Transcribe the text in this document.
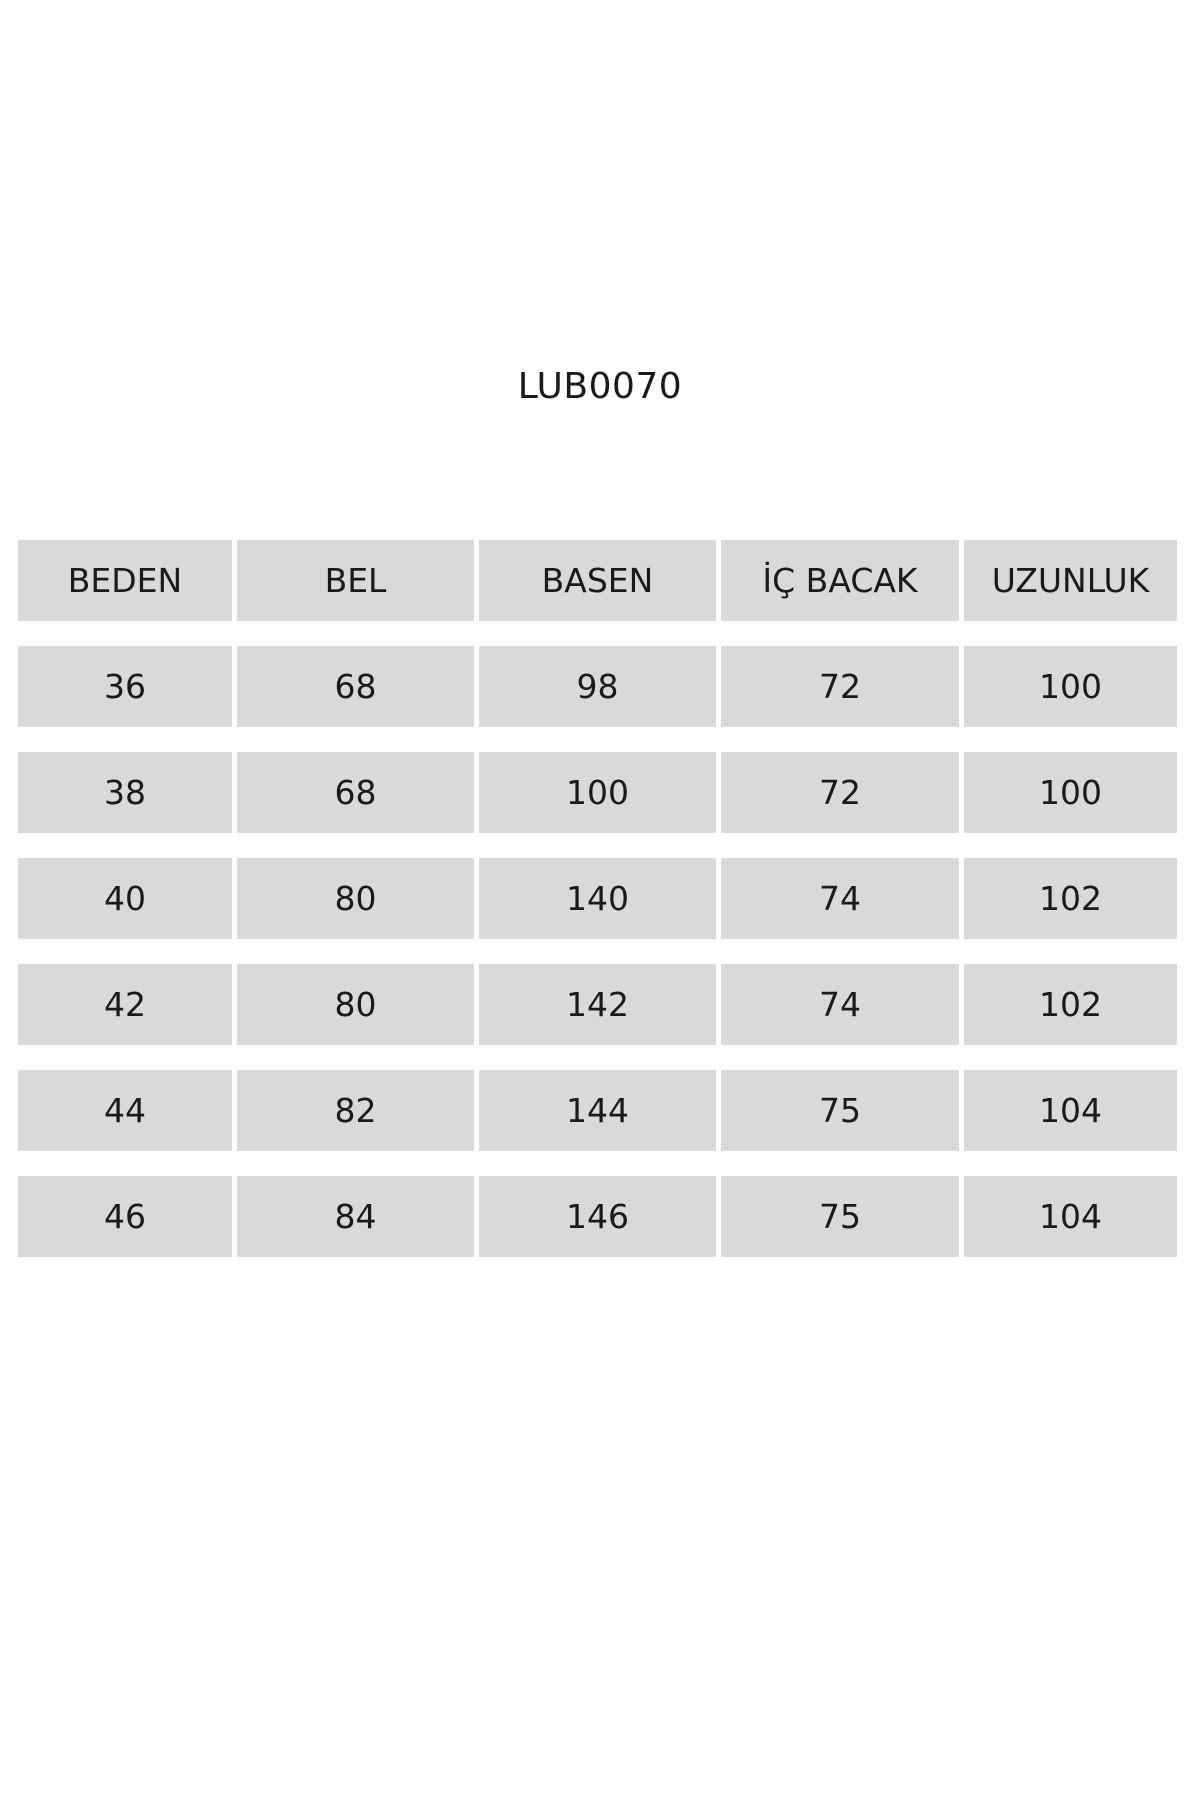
LUB0070
BEDEN	BEL	BASEN	İÇ BACAK	UZUNLUK
36	68	98	72	100
38	68	100	72	100
40	80	140	74	102
42	80	142	74	102
44	82	144	75	104
46	84	146	75	104
